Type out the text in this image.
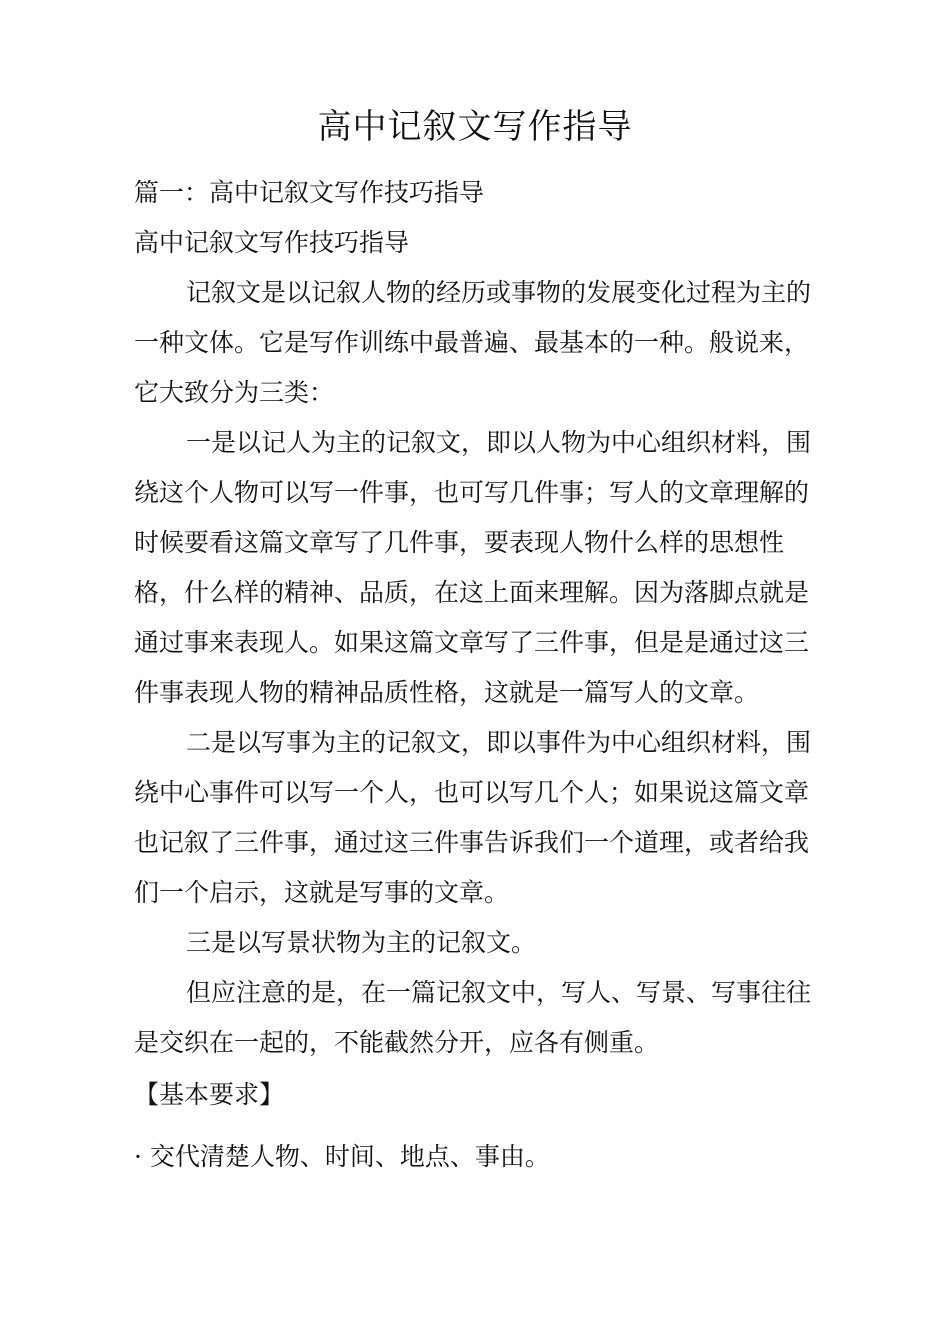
高中记叙文写作指导

篇一：高中记叙文写作技巧指导

高中记叙文写作技巧指导

记叙文是以记叙人物的经历或事物的发展变化过程为主的一种文体。它是写作训练中最普遍、最基本的一种。般说来，它大致分为三类：

一是以记人为主的记叙文，即以人物为中心组织材料，围绕这个人物可以写一件事，也可写几件事；写人的文章理解的时候要看这篇文章写了几件事，要表现人物什么样的思想性格，什么样的精神、品质，在这上面来理解。因为落脚点就是通过事来表现人。如果这篇文章写了三件事，但是是通过这三件事表现人物的精神品质性格，这就是一篇写人的文章。

二是以写事为主的记叙文，即以事件为中心组织材料，围绕中心事件可以写一个人，也可以写几个人；如果说这篇文章也记叙了三件事，通过这三件事告诉我们一个道理，或者给我们一个启示，这就是写事的文章。

三是以写景状物为主的记叙文。

但应注意的是，在一篇记叙文中，写人、写景、写事往往是交织在一起的，不能截然分开，应各有侧重。

【基本要求】

· 交代清楚人物、时间、地点、事由。
